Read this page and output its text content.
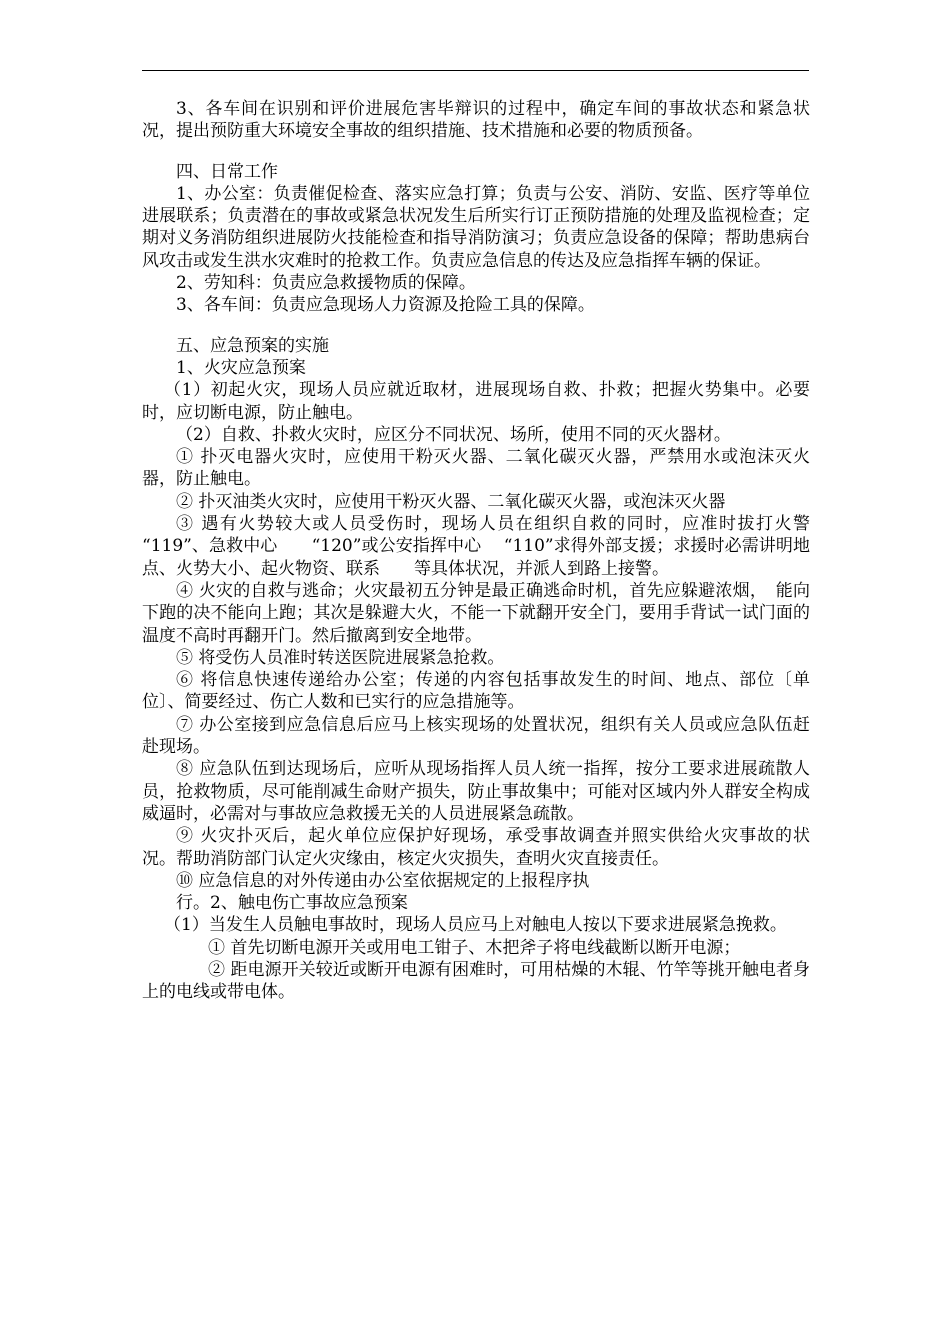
3、各车间在识别和评价进展危害毕辩识的过程中，确定车间的事故状态和紧急状况，提出预防重大环境安全事故的组织措施、技术措施和必要的物质预备。

四、日常工作

1、办公室：负责催促检查、落实应急打算；负责与公安、消防、安监、医疗等单位进展联系；负责潜在的事故或紧急状况发生后所实行订正预防措施的处理及监视检查；定期对义务消防组织进展防火技能检查和指导消防演习；负责应急设备的保障；帮助患病台风攻击或发生洪水灾难时的抢救工作。负责应急信息的传达及应急指挥车辆的保证。

2、劳知科：负责应急救援物质的保障。

3、各车间：负责应急现场人力资源及抢险工具的保障。

五、应急预案的实施

1、火灾应急预案

（1）初起火灾，现场人员应就近取材，进展现场自救、扑救；把握火势集中。必要时，应切断电源，防止触电。

（2）自救、扑救火灾时，应区分不同状况、场所，使用不同的灭火器材。

① 扑灭电器火灾时，应使用干粉灭火器、二氧化碳灭火器，严禁用水或泡沫灭火器，防止触电。

② 扑灭油类火灾时，应使用干粉灭火器、二氧化碳灭火器，或泡沫灭火器

③ 遇有火势较大或人员受伤时，现场人员在组织自救的同时，应准时拔打火警　 “119”、急救中心　　“120”或公安指挥中心　 “110”求得外部支援；求援时必需讲明地点、火势大小、起火物资、联系　　等具体状况，并派人到路上接警。

④ 火灾的自救与逃命；火灾最初五分钟是最正确逃命时机，首先应躲避浓烟，　能向下跑的决不能向上跑；其次是躲避大火，不能一下就翻开安全门，要用手背试一试门面的温度不高时再翻开门。然后撤离到安全地带。

⑤ 将受伤人员准时转送医院进展紧急抢救。

⑥ 将信息快速传递给办公室；传递的内容包括事故发生的时间、地点、部位〔单位〕、简要经过、伤亡人数和已实行的应急措施等。

⑦ 办公室接到应急信息后应马上核实现场的处置状况，组织有关人员或应急队伍赶赴现场。

⑧ 应急队伍到达现场后，应听从现场指挥人员人统一指挥，按分工要求进展疏散人员，抢救物质，尽可能削减生命财产损失，防止事故集中；可能对区域内外人群安全构成威逼时，必需对与事故应急救援无关的人员进展紧急疏散。

⑨ 火灾扑灭后，起火单位应保护好现场，承受事故调查并照实供给火灾事故的状况。帮助消防部门认定火灾缘由，核定火灾损失，查明火灾直接责任。

⑩ 应急信息的对外传递由办公室依据规定的上报程序执

行。2、触电伤亡事故应急预案

（1）当发生人员触电事故时，现场人员应马上对触电人按以下要求进展紧急挽救。

① 首先切断电源开关或用电工钳子、木把斧子将电线截断以断开电源；

② 距电源开关较近或断开电源有困难时，可用枯燥的木辊、竹竿等挑开触电者身上的电线或带电体。
